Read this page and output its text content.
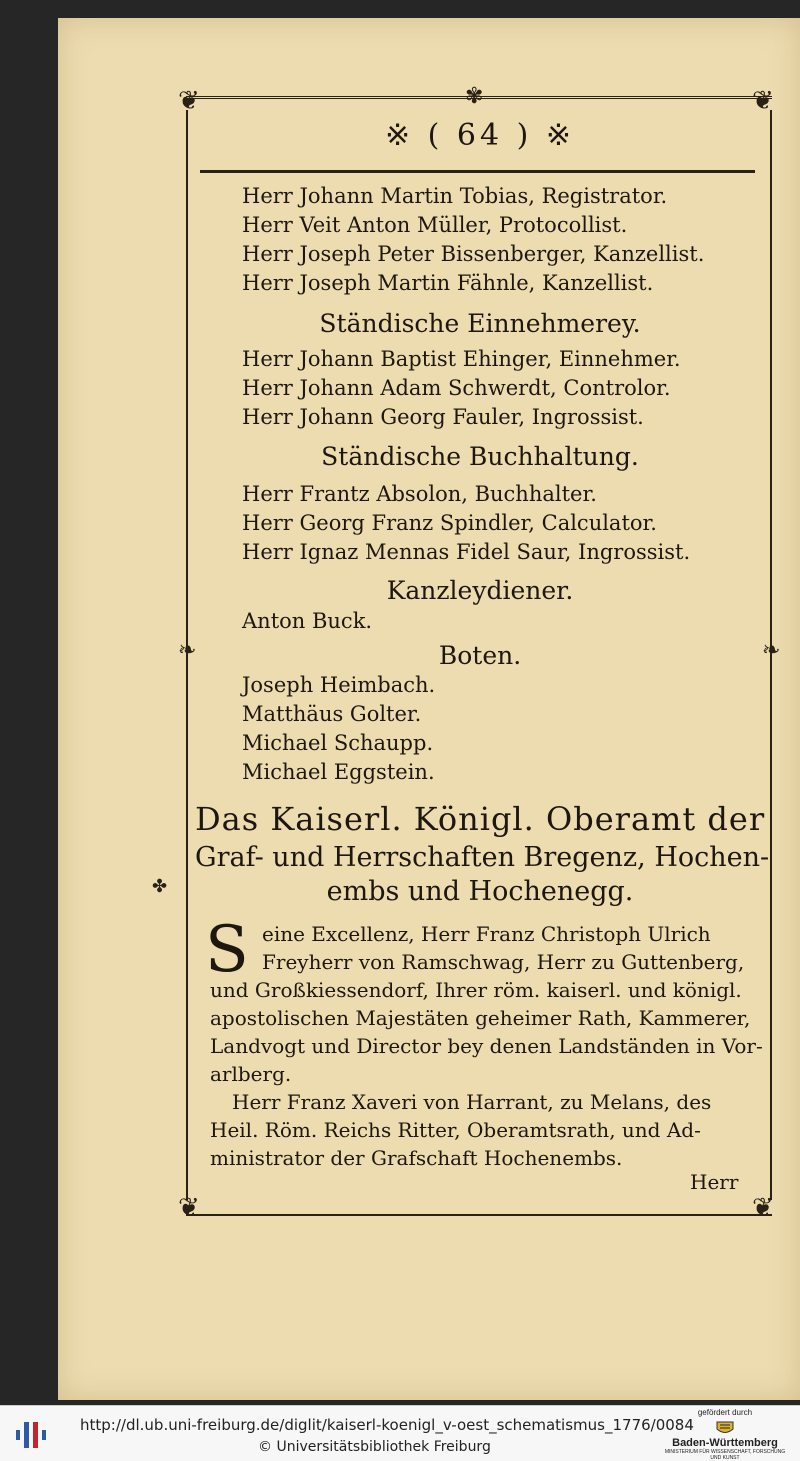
❦	❦
❦	❦
✾
❧	❧
✤
※ ( 64 ) ※
Herr Johann Martin Tobias, Registrator.
Herr Veit Anton Müller, Protocollist.
Herr Joseph Peter Bissenberger, Kanzellist.
Herr Joseph Martin Fähnle, Kanzellist.
Ständische Einnehmerey.
Herr Johann Baptist Ehinger, Einnehmer.
Herr Johann Adam Schwerdt, Controlor.
Herr Johann Georg Fauler, Ingrossist.
Ständische Buchhaltung.
Herr Frantz Absolon, Buchhalter.
Herr Georg Franz Spindler, Calculator.
Herr Ignaz Mennas Fidel Saur, Ingrossist.
Kanzleydiener.
Anton Buck.
Boten.
Joseph Heimbach.
Matthäus Golter.
Michael Schaupp.
Michael Eggstein.
Das Kaiserl. Königl. Oberamt der
Graf- und Herrschaften Bregenz, Hochen-
embs und Hochenegg.
S eine Excellenz, Herr Franz Christoph Ulrich
Freyherr von Ramschwag, Herr zu Guttenberg,
und Großkiessendorf, Ihrer röm. kaiserl. und königl.
apostolischen Majestäten geheimer Rath, Kammerer,
Landvogt und Director bey denen Landständen in Vor-
arlberg.
Herr Franz Xaveri von Harrant, zu Melans, des
Heil. Röm. Reichs Ritter, Oberamtsrath, und Ad-
ministrator der Grafschaft Hochenembs.
Herr
http://dl.ub.uni-freiburg.de/diglit/kaiserl-koenigl_v-oest_schematismus_1776/0084
© Universitätsbibliothek Freiburg
gefördert durch
Baden-Württemberg
MINISTERIUM FÜR WISSENSCHAFT, FORSCHUNG UND KUNST
